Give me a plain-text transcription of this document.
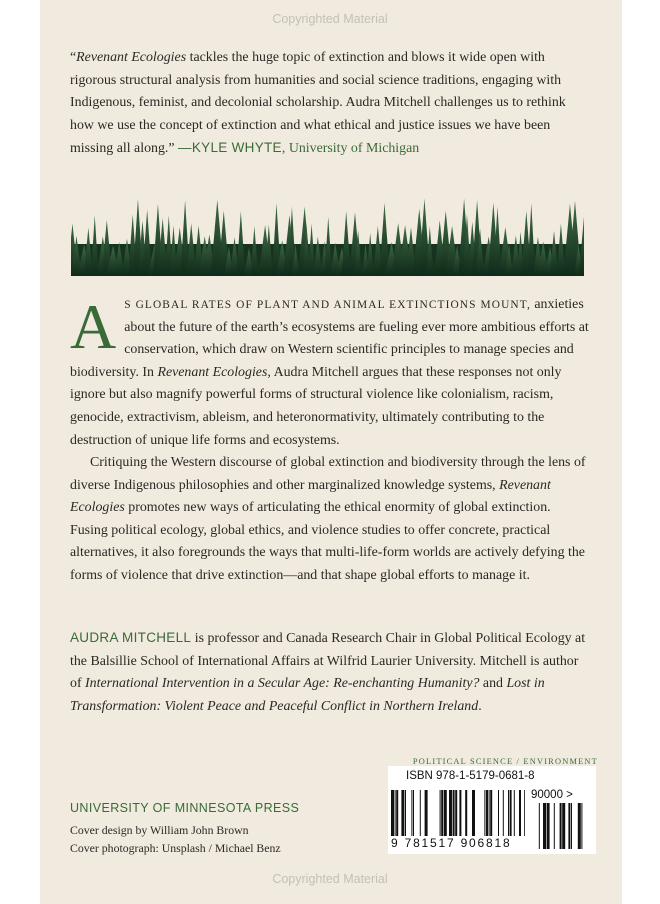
Copyrighted Material

“Revenant Ecologies tackles the huge topic of extinction and blows it wide open with rigorous structural analysis from humanities and social science traditions, engaging with Indigenous, feminist, and decolonial scholarship. Audra Mitchell challenges us to rethink how we use the concept of extinction and what ethical and justice issues we have been missing all along.” —KYLE WHYTE, University of Michigan

A S GLOBAL RATES OF PLANT AND ANIMAL EXTINCTIONS MOUNT, anxieties about the future of the earth’s ecosystems are fueling ever more ambitious efforts at conservation, which draw on Western scientific principles to manage species and biodiversity. In Revenant Ecologies, Audra Mitchell argues that these responses not only ignore but also magnify powerful forms of structural violence like colonialism, racism, genocide, extractivism, ableism, and heteronormativity, ultimately contributing to the destruction of unique life forms and ecosystems.

Critiquing the Western discourse of global extinction and biodiversity through the lens of diverse Indigenous philosophies and other marginalized knowledge systems, Revenant Ecologies promotes new ways of articulating the ethical enormity of global extinction. Fusing political ecology, global ethics, and violence studies to offer concrete, practical alternatives, it also foregrounds the ways that multi-life-form worlds are actively defying the forms of violence that drive extinction—and that shape global efforts to manage it.

AUDRA MITCHELL is professor and Canada Research Chair in Global Political Ecology at the Balsillie School of International Affairs at Wilfrid Laurier University. Mitchell is author of International Intervention in a Secular Age: Re-enchanting Humanity? and Lost in Transformation: Violent Peace and Peaceful Conflict in Northern Ireland.

POLITICAL SCIENCE / ENVIRONMENT
ISBN 978-1-5179-0681-8
90000 >
9 781517 906818
UNIVERSITY OF MINNESOTA PRESS
Cover design by William John Brown
Cover photograph: Unsplash / Michael Benz
Copyrighted Material
